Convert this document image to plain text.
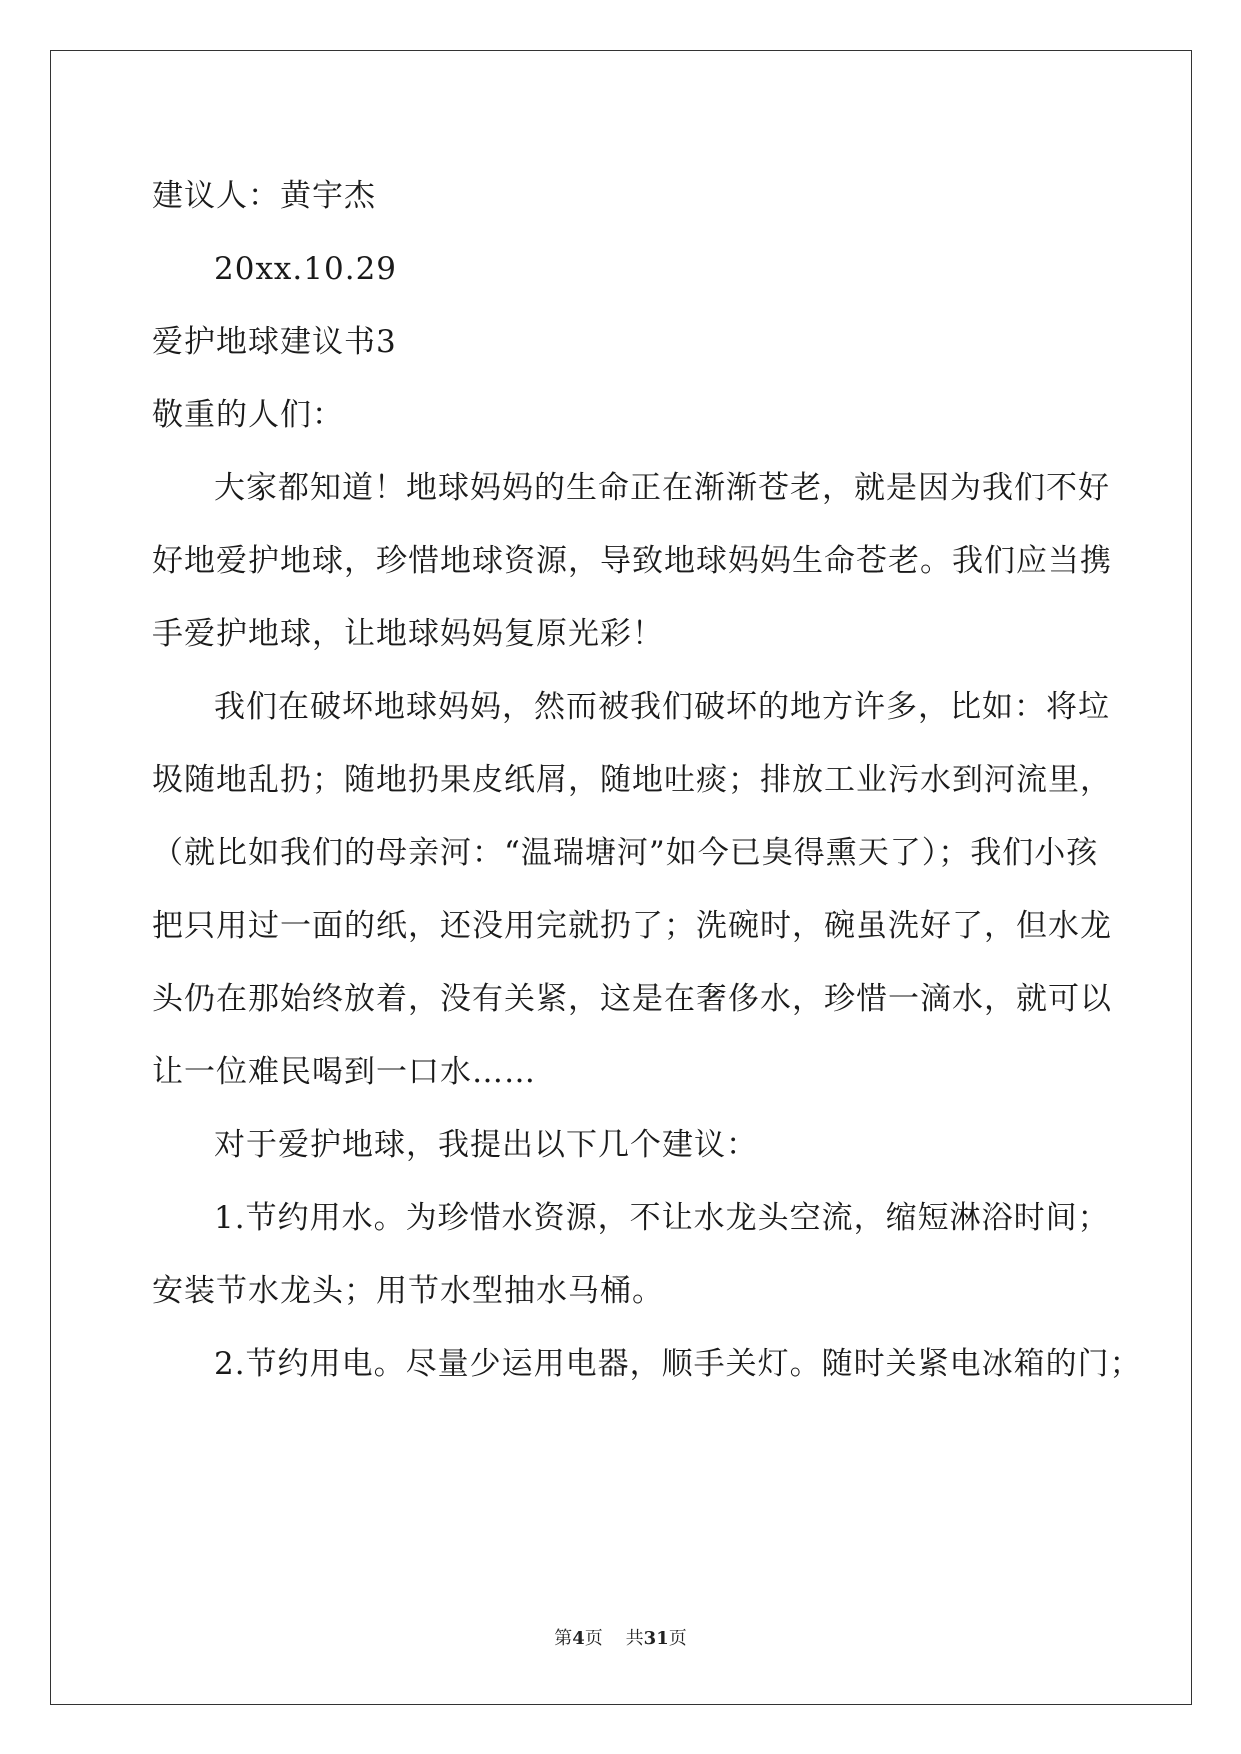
建议人：黄宇杰
20xx.10.29
爱护地球建议书3
敬重的人们：
大家都知道！地球妈妈的生命正在渐渐苍老，就是因为我们不好
好地爱护地球，珍惜地球资源，导致地球妈妈生命苍老。我们应当携
手爱护地球，让地球妈妈复原光彩！
我们在破坏地球妈妈，然而被我们破坏的地方许多，比如：将垃
圾随地乱扔；随地扔果皮纸屑，随地吐痰；排放工业污水到河流里，
（就比如我们的母亲河：“温瑞塘河”如今已臭得熏天了）；我们小孩
把只用过一面的纸，还没用完就扔了；洗碗时，碗虽洗好了，但水龙
头仍在那始终放着，没有关紧，这是在奢侈水，珍惜一滴水，就可以
让一位难民喝到一口水……
对于爱护地球，我提出以下几个建议：
1.节约用水。为珍惜水资源，不让水龙头空流，缩短淋浴时间；
安装节水龙头；用节水型抽水马桶。
2.节约用电。尽量少运用电器，顺手关灯。随时关紧电冰箱的门；
第4页 共31页
